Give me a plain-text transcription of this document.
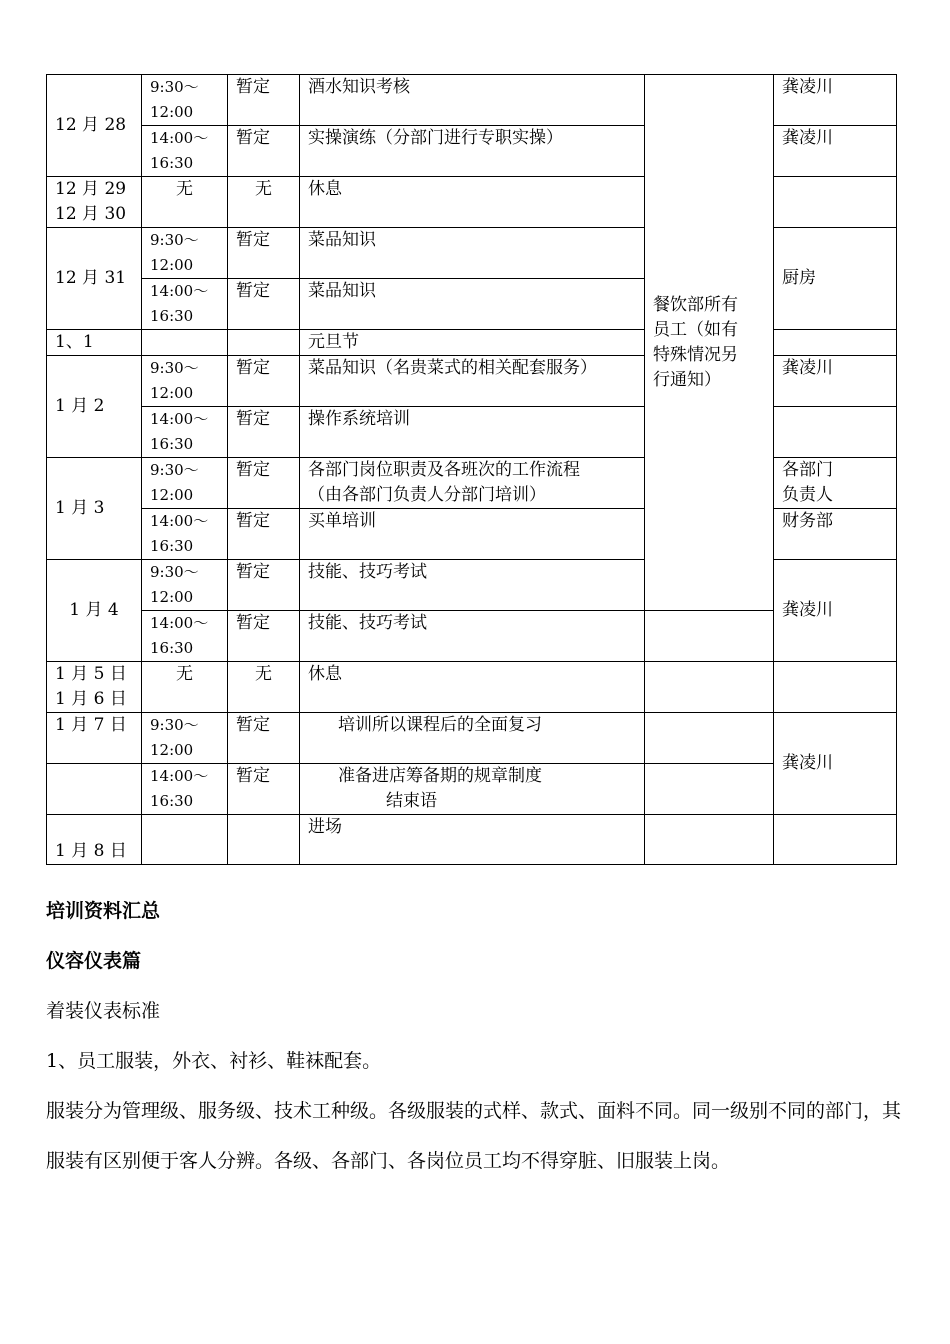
12 月 28	9:30～
12:00	暂定	酒水知识考核	餐饮部所有
员工（如有
特殊情况另
行通知）	龚凌川
	14:00～
16:30	暂定	实操演练（分部门进行专职实操）		龚凌川
12 月 29
12 月 30	无	无	休息		
12 月 31	9:30～
12:00	暂定	菜品知识		厨房
	14:00～
16:30	暂定	菜品知识		
1、1			元旦节		
1 月 2	9:30～
12:00	暂定	菜品知识（名贵菜式的相关配套服务）		龚凌川
	14:00～
16:30	暂定	操作系统培训		
1 月 3	9:30～
12:00	暂定	各部门岗位职责及各班次的工作流程
（由各部门负责人分部门培训）		各部门
负责人
	14:00～
16:30	暂定	买单培训		财务部
1 月 4	9:30～
12:00	暂定	技能、技巧考试		龚凌川
	14:00～
16:30	暂定	技能、技巧考试		
1 月 5 日
1 月 6 日	无	无	休息		
1 月 7 日	9:30～
12:00	暂定	培训所以课程后的全面复习		龚凌川
	14:00～
16:30	暂定	准备进店筹备期的规章制度
结束语		
1 月 8 日			进场		
培训资料汇总
仪容仪表篇
着装仪表标准
1、员工服装，外衣、衬衫、鞋袜配套。
服装分为管理级、服务级、技术工种级。各级服装的式样、款式、面料不同。同一级别不同的部门，其服装有区别便于客人分辨。各级、各部门、各岗位员工均不得穿脏、旧服装上岗。
